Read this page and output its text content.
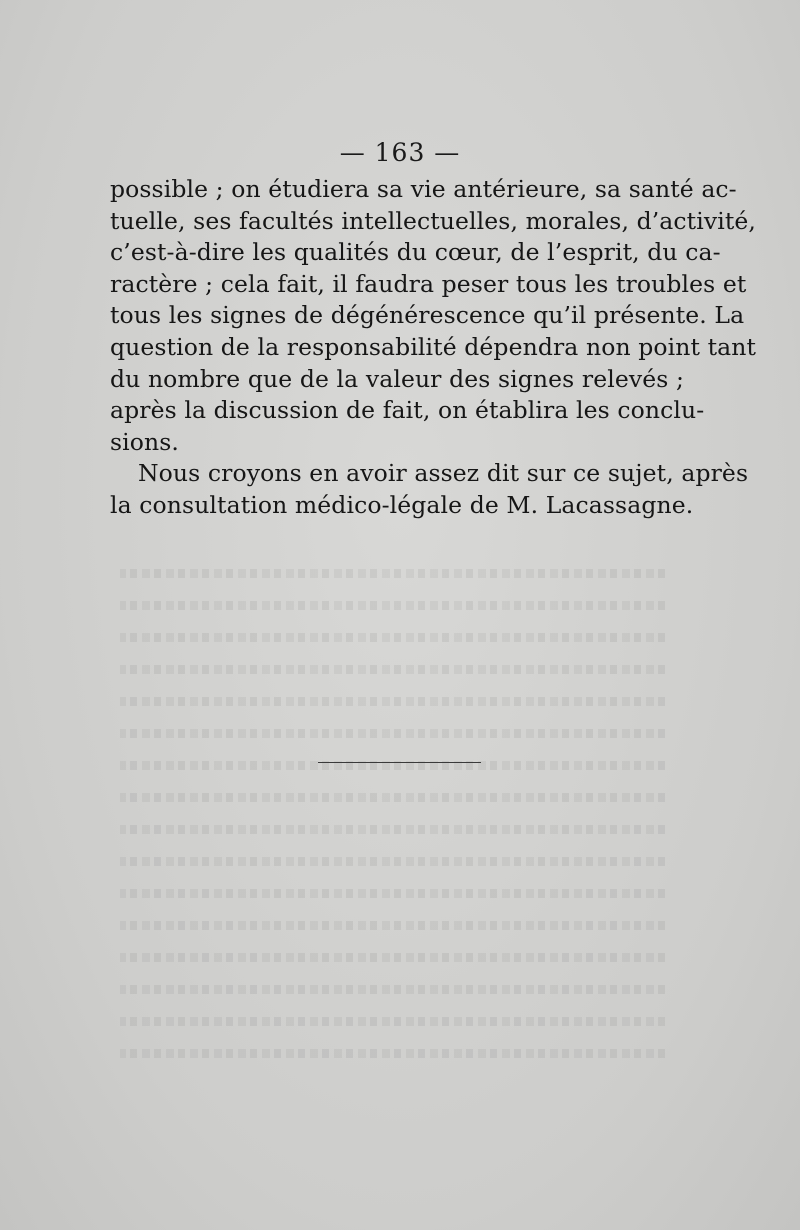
— 163 —

possible ; on étudiera sa vie antérieure, sa santé ac-
tuelle, ses facultés intellectuelles, morales, d’activité,
c’est-à-dire les qualités du cœur, de l’esprit, du ca-
ractère ; cela fait, il faudra peser tous les troubles et
tous les signes de dégénérescence qu’il présente. La
question de la responsabilité dépendra non point tant
du nombre que de la valeur des signes relevés ;
après la discussion de fait, on établira les conclu-
sions.

Nous croyons en avoir assez dit sur ce sujet, après
la consultation médico-légale de M. Lacassagne.
